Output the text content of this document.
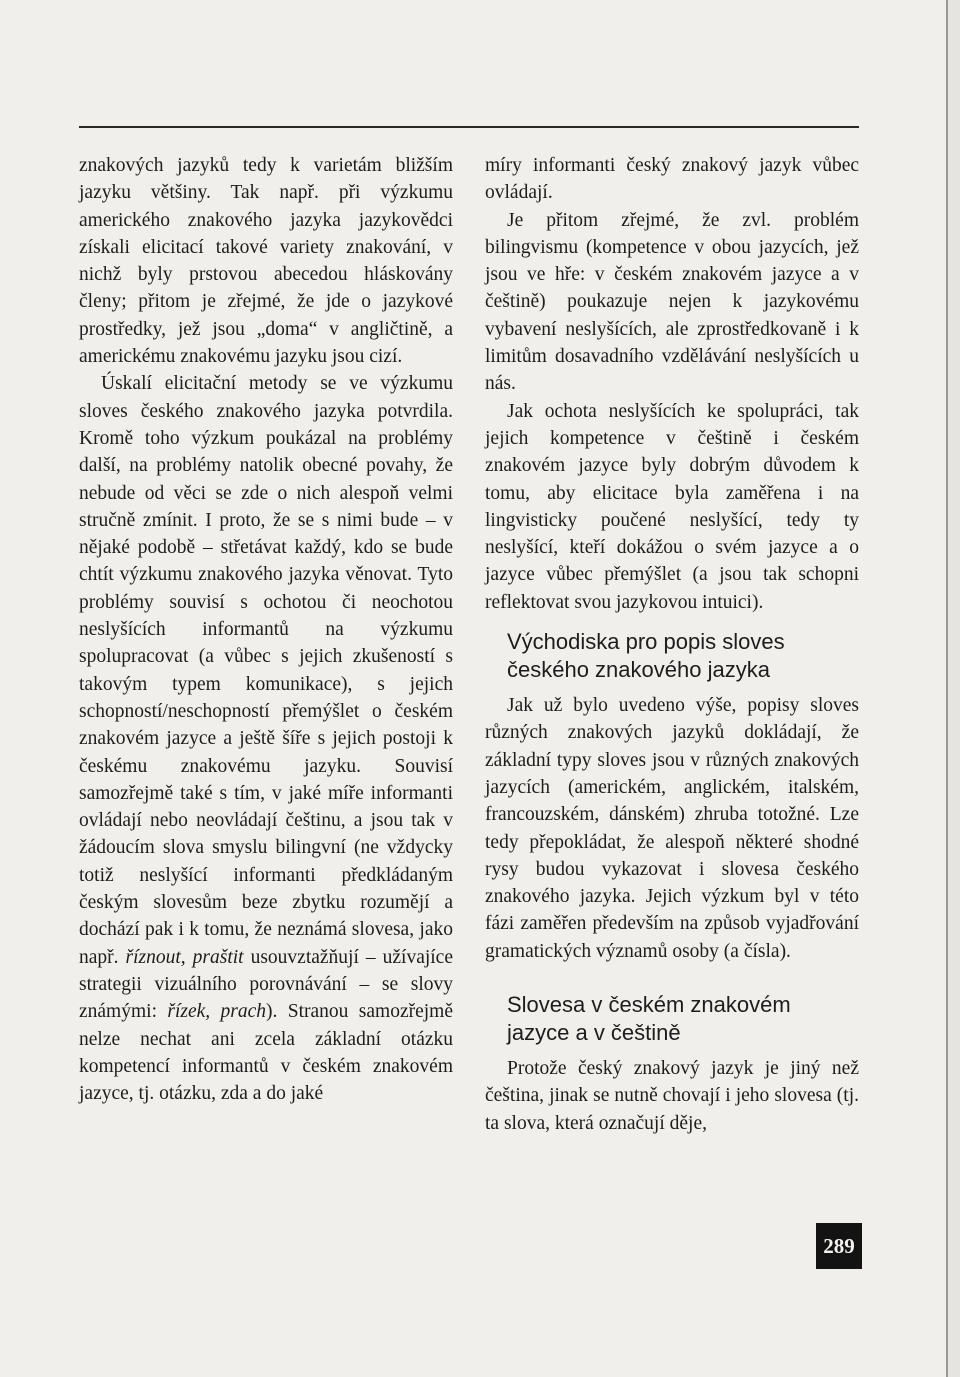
znakových jazyků tedy k varietám bližším jazyku většiny. Tak např. při výzkumu amerického znakového jazyka jazykovědci získali elicitací takové variety znakování, v nichž byly prstovou abecedou hláskovány členy; přitom je zřejmé, že jde o jazykové prostředky, jež jsou „doma“ v angličtině, a americkému znakovému jazyku jsou cizí.

Úskalí elicitační metody se ve výzkumu sloves českého znakového jazyka potvrdila. Kromě toho výzkum poukázal na problémy další, na problémy natolik obecné povahy, že nebude od věci se zde o nich alespoň velmi stručně zmínit. I proto, že se s nimi bude – v nějaké podobě – střetávat každý, kdo se bude chtít výzkumu znakového jazyka věnovat. Tyto problémy souvisí s ochotou či neochotou neslyšících informantů na výzkumu spolupracovat (a vůbec s jejich zkušeností s takovým typem komunikace), s jejich schopností/neschopností přemýšlet o českém znakovém jazyce a ještě šíře s jejich postoji k českému znakovému jazyku. Souvisí samozřejmě také s tím, v jaké míře informanti ovládají nebo neovládají češtinu, a jsou tak v žádoucím slova smyslu bilingvní (ne vždycky totiž neslyšící informanti předkládaným českým slovesům beze zbytku rozumějí a dochází pak i k tomu, že neznámá slovesa, jako např. říznout, praštit usouvztažňují – užívajíce strategii vizuálního porovnávání – se slovy známými: řízek, prach). Stranou samozřejmě nelze nechat ani zcela základní otázku kompetencí informantů v českém znakovém jazyce, tj. otázku, zda a do jaké

míry informanti český znakový jazyk vůbec ovládají.

Je přitom zřejmé, že zvl. problém bilingvismu (kompetence v obou jazycích, jež jsou ve hře: v českém znakovém jazyce a v češtině) poukazuje nejen k jazykovému vybavení neslyšících, ale zprostředkovaně i k limitům dosavadního vzdělávání neslyšících u nás.

Jak ochota neslyšících ke spolupráci, tak jejich kompetence v češtině i českém znakovém jazyce byly dobrým důvodem k tomu, aby elicitace byla zaměřena i na lingvisticky poučené neslyšící, tedy ty neslyšící, kteří dokážou o svém jazyce a o jazyce vůbec přemýšlet (a jsou tak schopni reflektovat svou jazykovou intuici).

Východiska pro popis sloves
českého znakového jazyka

Jak už bylo uvedeno výše, popisy sloves různých znakových jazyků dokládají, že základní typy sloves jsou v různých znakových jazycích (americkém, anglickém, italském, francouzském, dánském) zhruba totožné. Lze tedy přepokládat, že alespoň některé shodné rysy budou vykazovat i slovesa českého znakového jazyka. Jejich výzkum byl v této fázi zaměřen především na způsob vyjadřování gramatických významů osoby (a čísla).

Slovesa v českém znakovém
jazyce a v češtině

Protože český znakový jazyk je jiný než čeština, jinak se nutně chovají i jeho slovesa (tj. ta slova, která označují děje,

289
